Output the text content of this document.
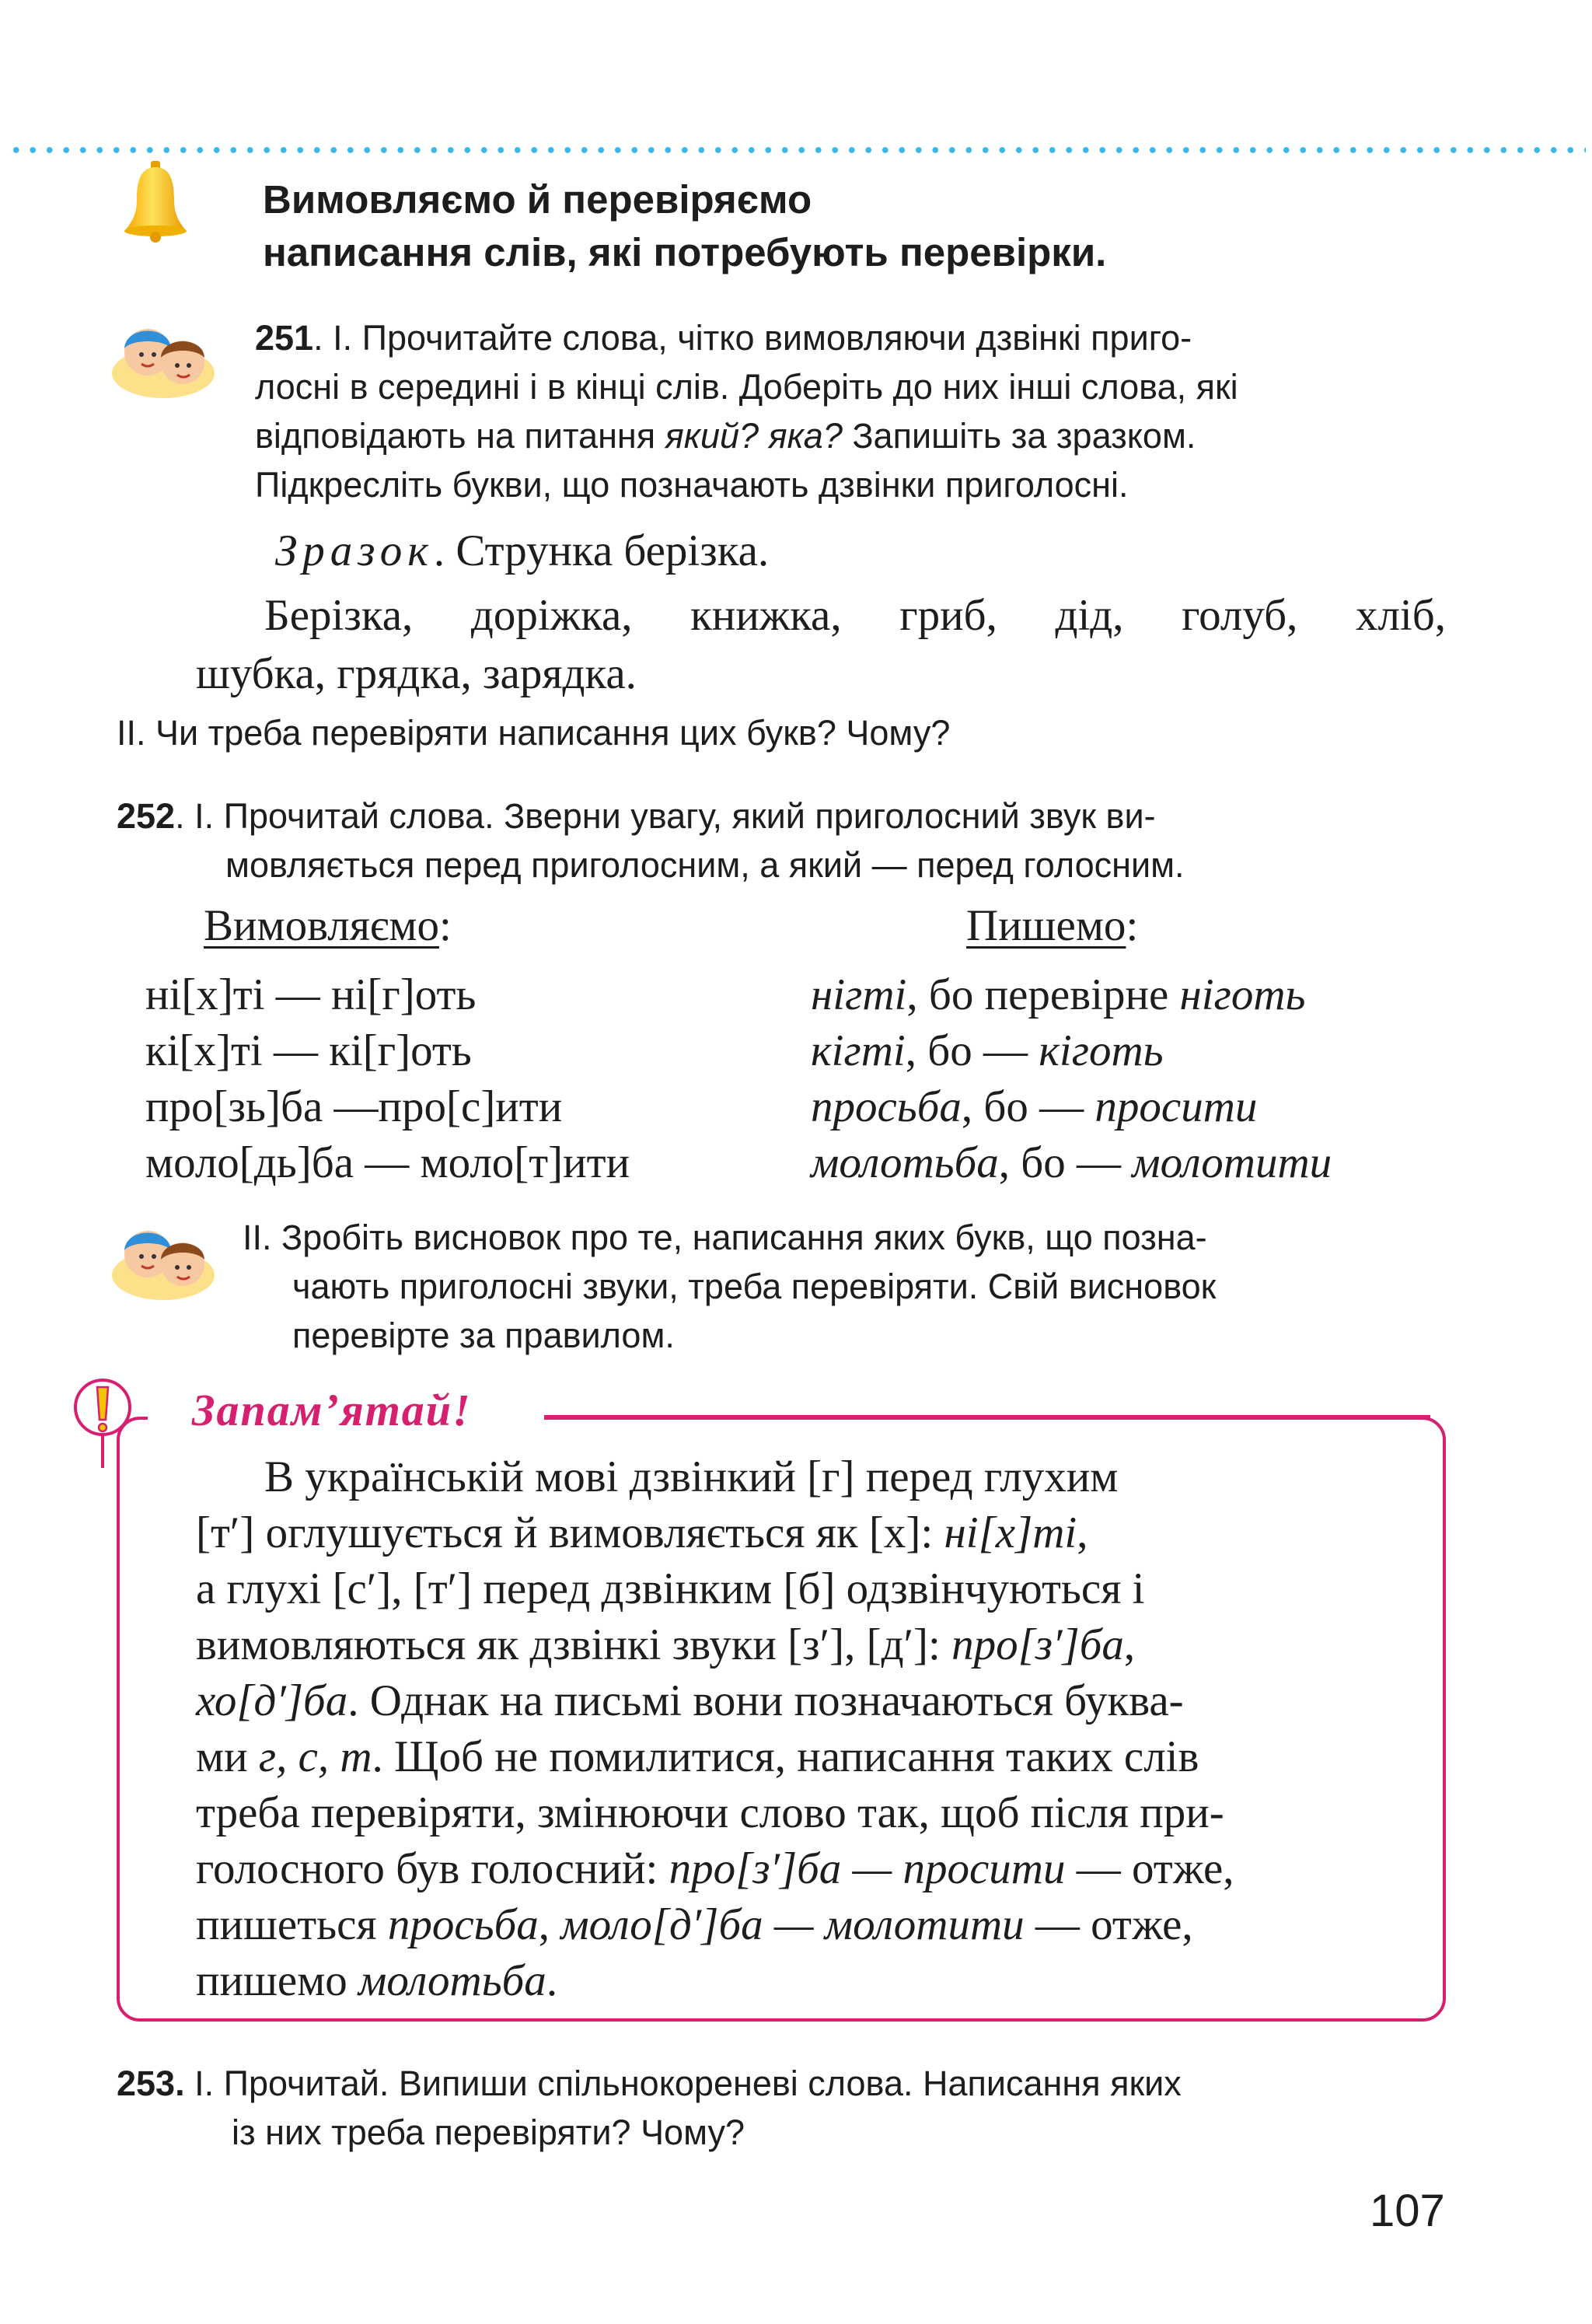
Вимовляємо й перевіряємо
написання слів, які потребують перевірки.
251. І. Прочитайте слова, чітко вимовляючи дзвінкі приго-
лосні в середині і в кінці слів. Доберіть до них інші слова, які
відповідають на питання який? яка? Запишіть за зразком.
Підкресліть букви, що позначають дзвінки приголосні.
Зразок. Струнка берізка.
Берізка, доріжка, книжка, гриб, дід, голуб, хліб,
шубка, грядка, зарядка.
ІІ. Чи треба перевіряти написання цих букв? Чому?
252. І. Прочитай слова. Зверни увагу, який приголосний звук ви-
мовляється перед приголосним, а який — перед голосним.
Вимовляємо:	Пишемо:
ні[х]ті — ні[г]оть
кі[х]ті — кі[г]оть
про[зь]ба —про[с]ити
моло[дь]ба — моло[т]ити
нігті, бо перевірне ніготь
кігті, бо — кіготь
просьба, бо — просити
молотьба, бо — молотити
ІІ. Зробіть висновок про те, написання яких букв, що позна-
чають приголосні звуки, треба перевіряти. Свій висновок
перевірте за правилом.
Запам’ятай!
В українській мові дзвінкий [г] перед глухим
[т′] оглушується й вимовляється як [х]: ні[х]ті,
а глухі [с′], [т′] перед дзвінким [б] одзвінчуються і
вимовляються як дзвінкі звуки [з′], [д′]: про[з′]ба,
хо[д′]ба. Однак на письмі вони позначаються буква-
ми г, с, т. Щоб не помилитися, написання таких слів
треба перевіряти, змінюючи слово так, щоб після при-
голосного був голосний: про[з′]ба — просити — отже,
пишеться просьба, моло[д′]ба — молотити — отже,
пишемо молотьба.
253. І. Прочитай. Випиши спільнокореневі слова. Написання яких
із них треба перевіряти? Чому?
107
